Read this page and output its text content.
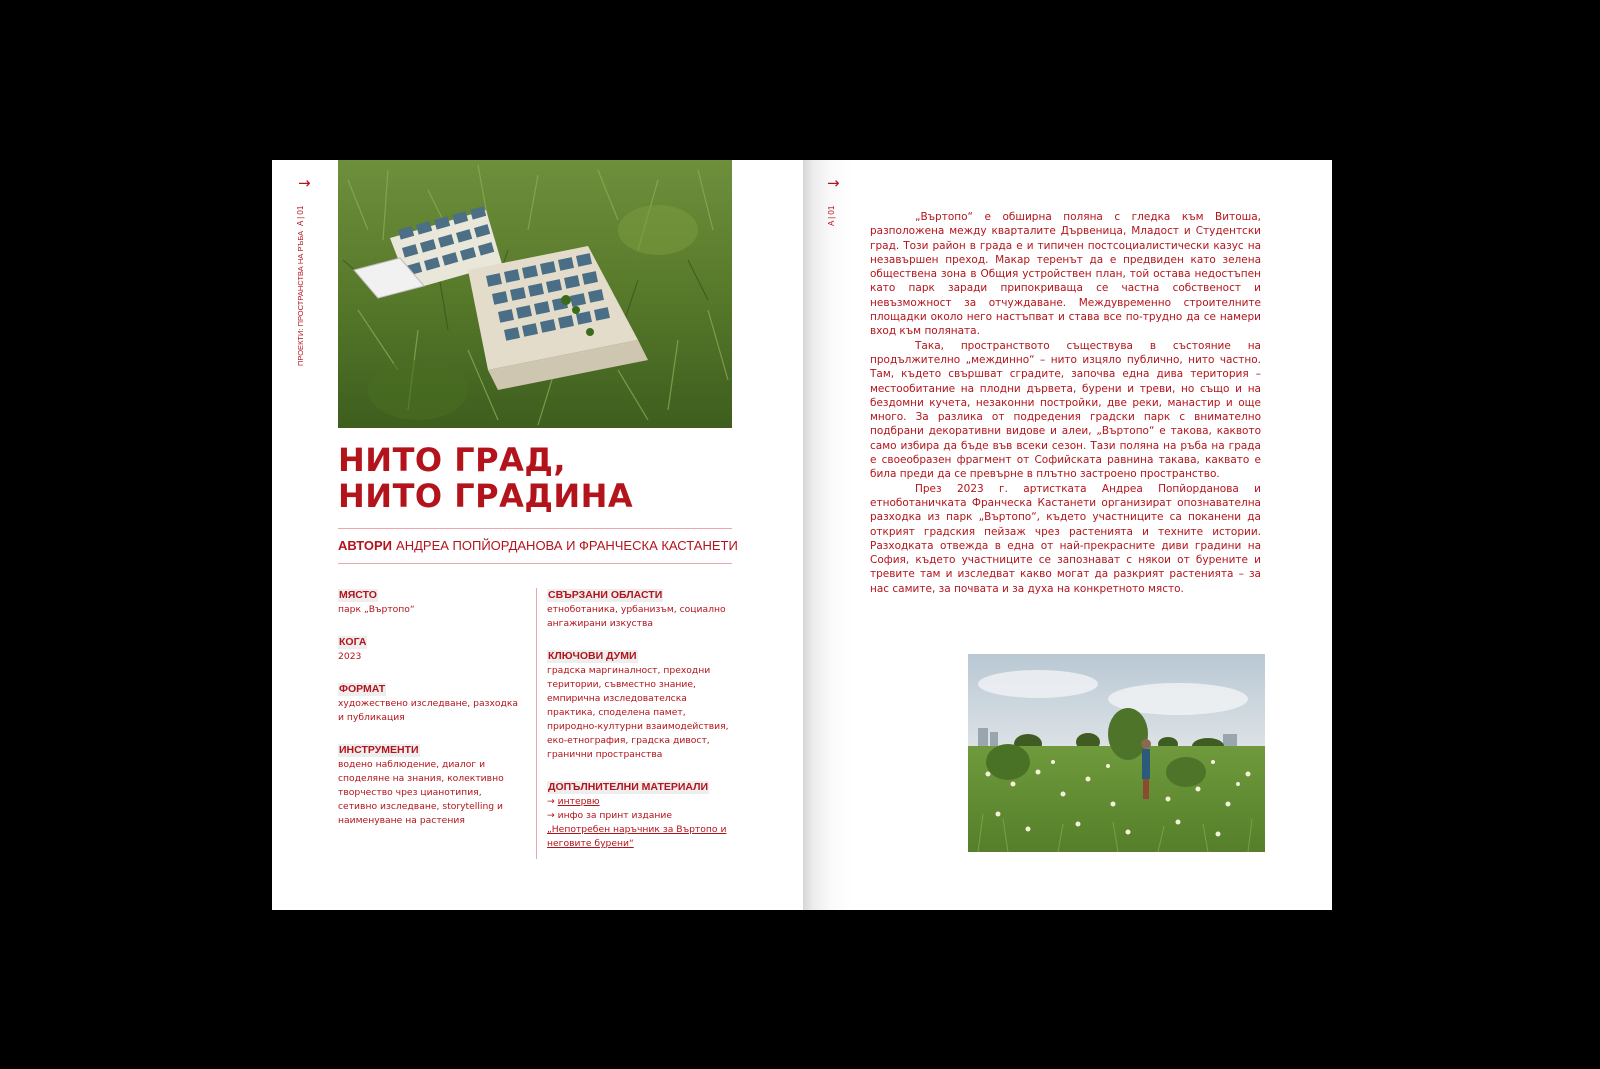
→
A | 01
ПРОЕКТИ: ПРОСТРАНСТВА НА РЪБА
НИТО ГРАД,
НИТО ГРАДИНА
АВТОРИ АНДРЕА ПОПЙОРДАНОВА И ФРАНЧЕСКА КАСТАНЕТИ
МЯСТО
парк „Въртопо“
КОГА
2023
ФОРМАТ
художествено изследване, разходка и публикация
ИНСТРУМЕНТИ
водено наблюдение, диалог и споделяне на знания, колективно творчество чрез цианотипия, сетивно изследване, storytelling и наименуване на растения
СВЪРЗАНИ ОБЛАСТИ
етноботаника, урбанизъм, социално ангажирани изкуства
КЛЮЧОВИ ДУМИ
градска маргиналност, преходни територии, съвместно знание, емпирична изследователска практика, споделена памет, природно-културни взаимодействия, еко-етнография, градска дивост, гранични пространства
ДОПЪЛНИТЕЛНИ МАТЕРИАЛИ
→ интервю
→ инфо за принт издание
„Непотребен наръчник за Въртопо и неговите бурени“
→
A | 01	„Въртопо“ е обширна поляна с гледка към Витоша, разположена между кварталите Дървеница, Младост и Студентски град. Този район в града е и типичен постсоциалистически казус на незавършен преход. Макар теренът да е предвиден като зелена обществена зона в Общия устройствен план, той остава недостъпен като парк заради припокриваща се частна собственост и невъзможност за отчуждаване. Междувременно строителните площадки около него настъпват и става все по-трудно да се намери вход към поляната.

Така, пространството съществува в състояние на продължително „междинно“ – нито изцяло публично, нито частно. Там, където свършват сградите, започва една дива територия – местообитание на плодни дървета, бурени и треви, но също и на бездомни кучета, незаконни постройки, две реки, манастир и още много. За разлика от подредения градски парк с внимателно подбрани декоративни видове и алеи, „Въртопо“ е такова, каквото само избира да бъде във всеки сезон. Тази поляна на ръба на града е своеобразен фрагмент от Софийската равнина такава, каквато е била преди да се превърне в плътно застроено пространство.

През 2023 г. артистката Андреа Попйорданова и етноботаничката Франческа Кастанети организират опознавателна разходка из парк „Въртопо“, където участниците са поканени да открият градския пейзаж чрез растенията и техните истории. Разходката отвежда в една от най-прекрасните диви градини на София, където участниците се запознават с някои от бурените и тревите там и изследват какво могат да разкрият растенията – за нас самите, за почвата и за духа на конкретното място.
